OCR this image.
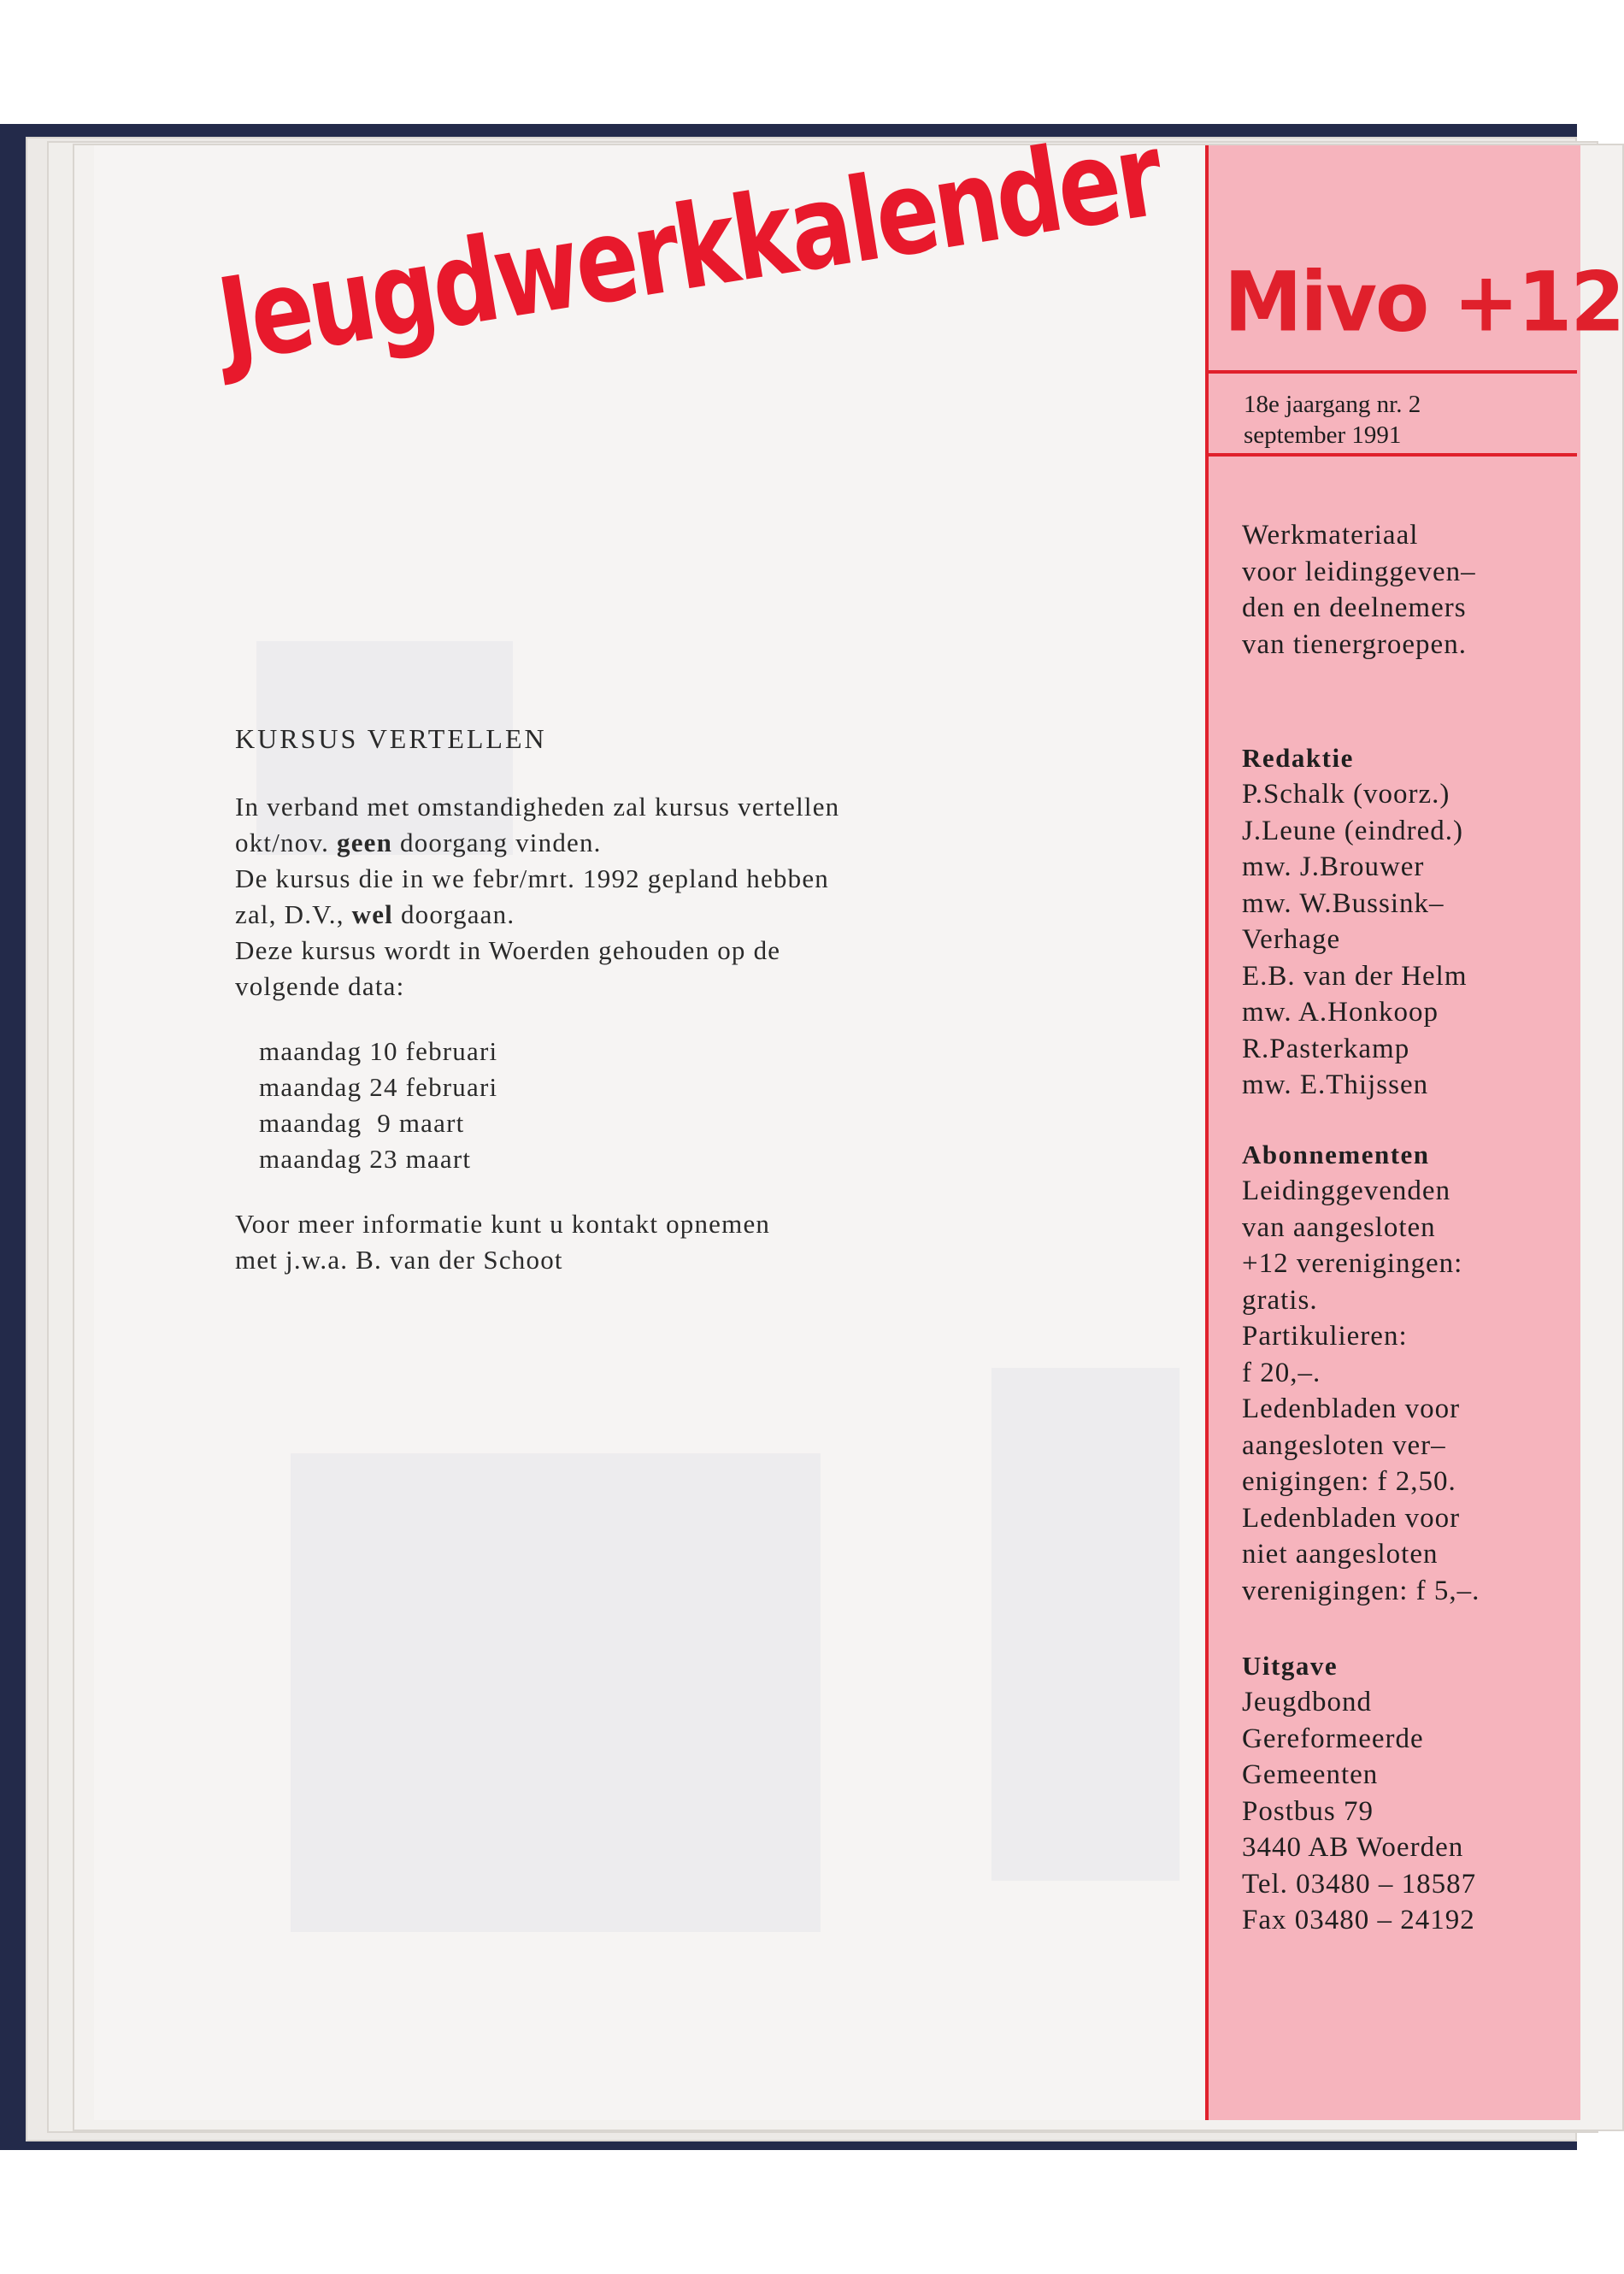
Jeugdwerkkalender
KURSUS VERTELLEN

In verband met omstandigheden zal kursus vertellen
okt/nov. geen doorgang vinden.
De kursus die in we febr/mrt. 1992 gepland hebben
zal, D.V., wel doorgaan.
Deze kursus wordt in Woerden gehouden op de
volgende data:

maandag 10 februari
maandag 24 februari
maandag  9 maart
maandag 23 maart

Voor meer informatie kunt u kontakt opnemen
met j.w.a. B. van der Schoot

Mivo +12
18e jaargang nr. 2
september 1991
Werkmateriaal
voor leidinggeven–
den en deelnemers
van tienergroepen.
Redaktie
P.Schalk (voorz.)
J.Leune (eindred.)
mw. J.Brouwer
mw. W.Bussink–
Verhage
E.B. van der Helm
mw. A.Honkoop
R.Pasterkamp
mw. E.Thijssen
Abonnementen
Leidinggevenden
van aangesloten
+12 verenigingen:
gratis.
Partikulieren:
f 20,–.
Ledenbladen voor
aangesloten ver–
enigingen: f 2,50.
Ledenbladen voor
niet aangesloten
verenigingen: f 5,–.
Uitgave
Jeugdbond
Gereformeerde
Gemeenten
Postbus 79
3440 AB Woerden
Tel. 03480 – 18587
Fax 03480 – 24192
